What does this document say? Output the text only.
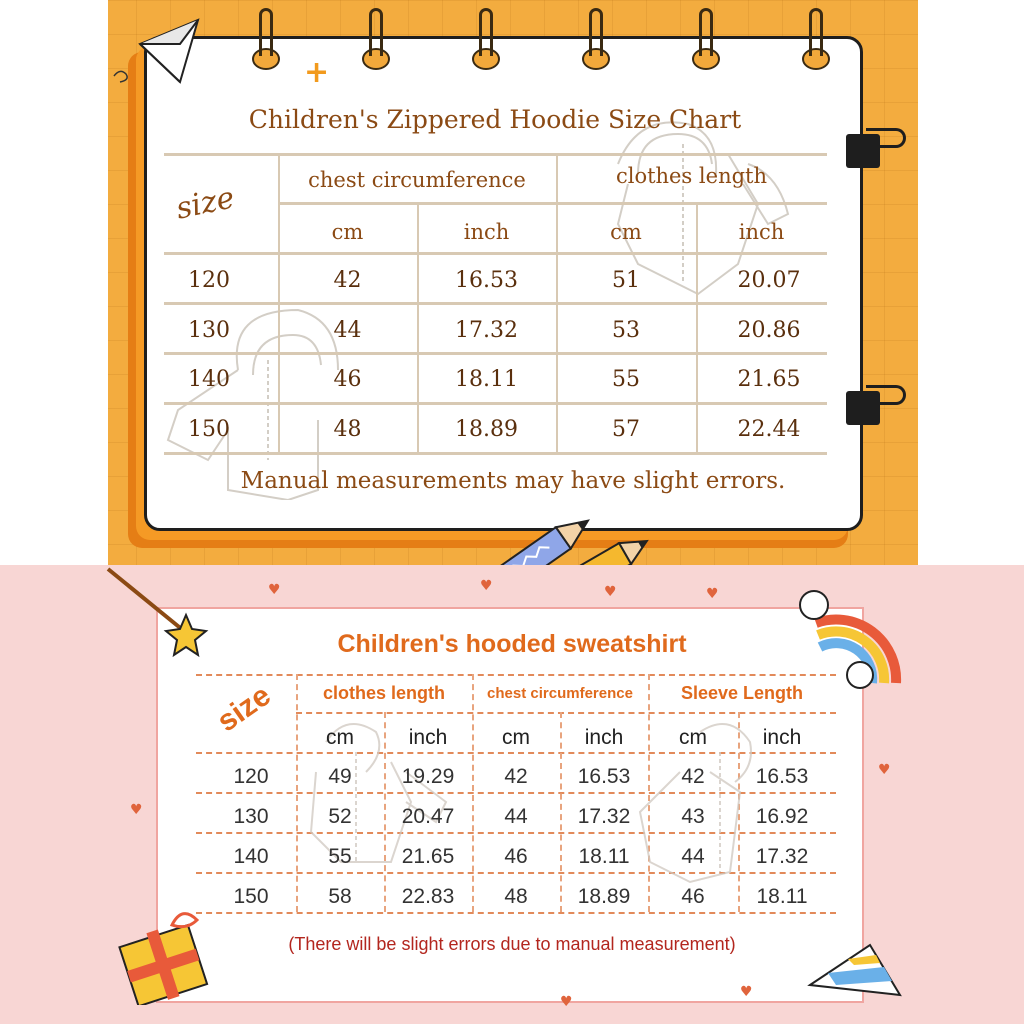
+
Children's Zippered Hoodie Size Chart
size
chest circumference	clothes length
cm	inch	cm	inch
120	42	16.53	51	20.07
130	44	17.32	53	20.86
140	46	18.11	55	21.65
150	48	18.89	57	22.44
Manual measurements may have slight errors.
♥	♥	♥	♥
♥
♥
♥
♥
Children's hooded sweatshirt
size	clothes length	chest circumference	Sleeve Length
cm	inch	cm	inch	cm	inch
120	49	19.29	42	16.53	42	16.53
130	52	20.47	44	17.32	43	16.92
140	55	21.65	46	18.11	44	17.32
150	58	22.83	48	18.89	46	18.11
(There will be slight errors due to manual measurement)
